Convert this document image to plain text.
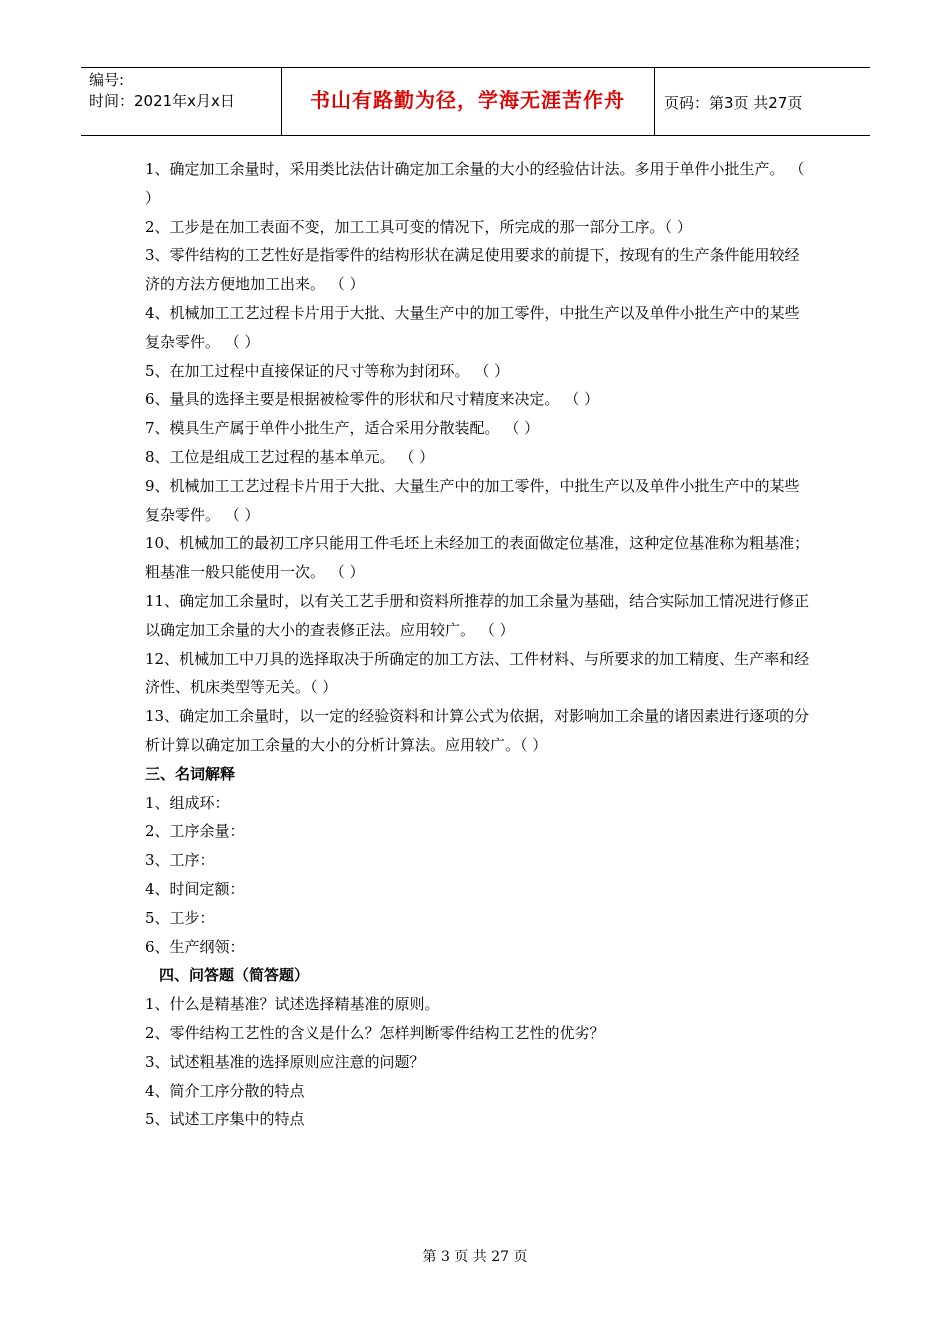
编号:
时间：2021年x月x日	书山有路勤为径，学海无涯苦作舟	页码：第3页 共27页

1、确定加工余量时，采用类比法估计确定加工余量的大小的经验估计法。多用于单件小批生产。 （ ）

2、工步是在加工表面不变，加工工具可变的情况下，所完成的那一部分工序。（ ）

3、零件结构的工艺性好是指零件的结构形状在满足使用要求的前提下，按现有的生产条件能用较经济的方法方便地加工出来。 （ ）

4、机械加工工艺过程卡片用于大批、大量生产中的加工零件，中批生产以及单件小批生产中的某些复杂零件。 （ ）

5、在加工过程中直接保证的尺寸等称为封闭环。 （ ）

6、量具的选择主要是根据被检零件的形状和尺寸精度来决定。 （ ）

7、模具生产属于单件小批生产，适合采用分散装配。 （ ）

8、工位是组成工艺过程的基本单元。 （ ）

9、机械加工工艺过程卡片用于大批、大量生产中的加工零件，中批生产以及单件小批生产中的某些复杂零件。 （ ）

10、机械加工的最初工序只能用工件毛坯上未经加工的表面做定位基准，这种定位基准称为粗基准；粗基准一般只能使用一次。 （ ）

11、确定加工余量时，以有关工艺手册和资料所推荐的加工余量为基础，结合实际加工情况进行修正以确定加工余量的大小的查表修正法。应用较广。 （ ）

12、机械加工中刀具的选择取决于所确定的加工方法、工件材料、与所要求的加工精度、生产率和经济性、机床类型等无关。（ ）

13、确定加工余量时，以一定的经验资料和计算公式为依据，对影响加工余量的诸因素进行逐项的分析计算以确定加工余量的大小的分析计算法。应用较广。（ ）

三、名词解释

1、组成环：

2、工序余量：

3、工序：

4、时间定额：

5、工步：

6、生产纲领：

四、问答题（简答题）

1、什么是精基准？试述选择精基准的原则。

2、零件结构工艺性的含义是什么？怎样判断零件结构工艺性的优劣？

3、试述粗基准的选择原则应注意的问题？

4、简介工序分散的特点

5、试述工序集中的特点

第 3 页 共 27 页
